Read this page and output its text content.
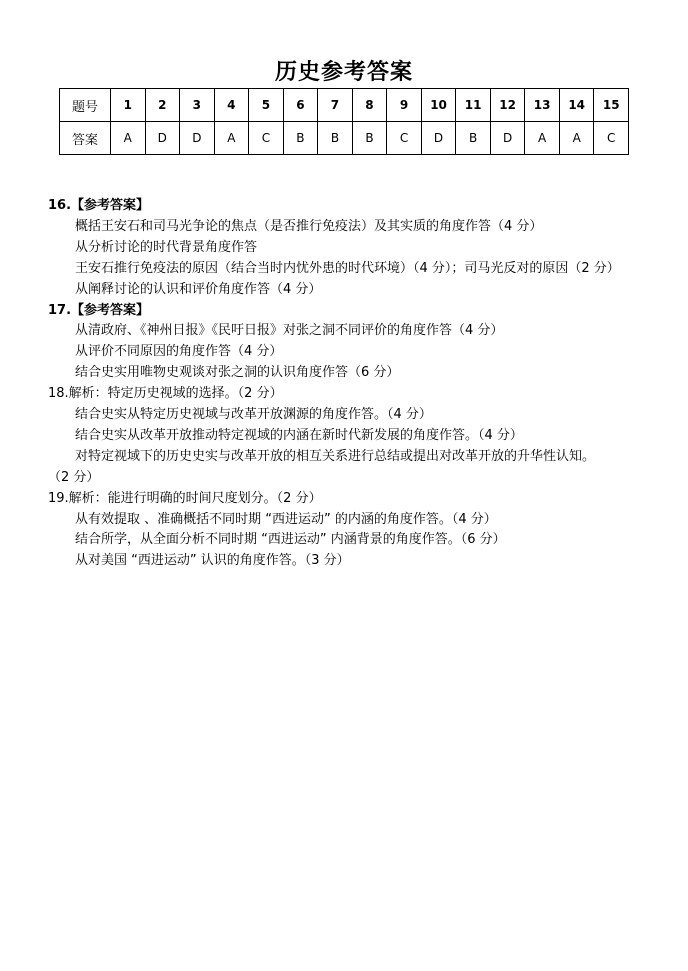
历史参考答案
题号	1	2	3	4	5	6	7	8	9	10	11	12	13	14	15
答案	A	D	D	A	C	B	B	B	C	D	B	D	A	A	C
16.【参考答案】
概括王安石和司马光争论的焦点（是否推行免疫法）及其实质的角度作答（4 分）
从分析讨论的时代背景角度作答
王安石推行免疫法的原因（结合当时内忧外患的时代环境）（4 分）；司马光反对的原因（2 分）
从阐释讨论的认识和评价角度作答（4 分）
17.【参考答案】
从清政府、《神州日报》《民吁日报》对张之洞不同评价的角度作答（4 分）
从评价不同原因的角度作答（4 分）
结合史实用唯物史观谈对张之洞的认识角度作答（6 分）
18.解析：特定历史视域的选择。（2 分）
结合史实从特定历史视域与改革开放渊源的角度作答。（4 分）
结合史实从改革开放推动特定视域的内涵在新时代新发展的角度作答。（4 分）
对特定视域下的历史史实与改革开放的相互关系进行总结或提出对改革开放的升华性认知。
（2 分）
19.解析：能进行明确的时间尺度划分。（2 分）
从有效提取 、准确概括不同时期 “西进运动” 的内涵的角度作答。（4 分）
结合所学，从全面分析不同时期 “西进运动” 内涵背景的角度作答。（6 分）
从对美国 “西进运动” 认识的角度作答。（3 分）
